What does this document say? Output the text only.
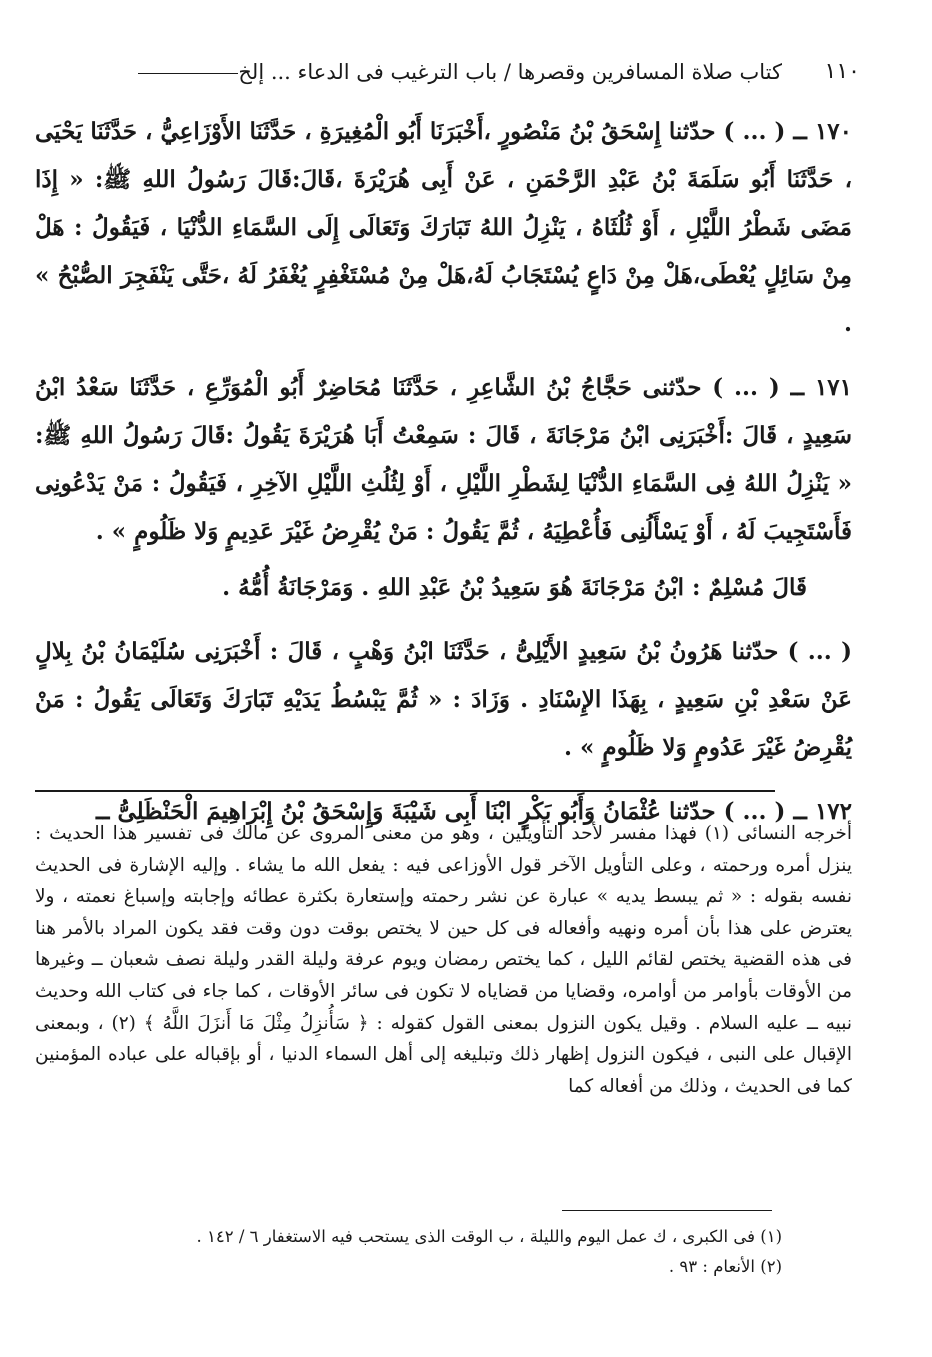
١١٠
كتاب صلاة المسافرين وقصرها / باب الترغيب فى الدعاء ... إلخ

١٧٠ ــ ( ... ) حدّثنا إِسْحَقُ بْنُ مَنْصُورٍ ،أَخْبَرَنَا أَبُو الْمُغِيرَةِ ، حَدَّثَنَا الأَوْزَاعِيُّ ، حَدَّثَنَا يَحْيَى ، حَدَّثَنَا أَبُو سَلَمَةَ بْنُ عَبْدِ الرَّحْمَنِ ، عَنْ أَبِى هُرَيْرَةَ ،قَالَ:قَالَ رَسُولُ اللهِ ﷺ: « إِذَا مَضَى شَطْرُ اللَّيْلِ ، أَوْ ثُلُثَاهُ ، يَنْزِلُ اللهُ تَبَارَكَ وَتَعَالَى إِلَى السَّمَاءِ الدُّنْيَا ، فَيَقُولُ : هَلْ مِنْ سَائِلٍ يُعْطَى،هَلْ مِنْ دَاعٍ يُسْتَجَابُ لَهُ،هَلْ مِنْ مُسْتَغْفِرٍ يُغْفَرُ لَهُ ،حَتَّى يَنْفَجِرَ الصُّبْحُ » .

١٧١ ــ ( ... ) حدّثنى حَجَّاجُ بْنُ الشَّاعِرِ ، حَدَّثَنَا مُحَاضِرٌ أَبُو الْمُوَرِّعِ ، حَدَّثَنَا سَعْدُ ابْنُ سَعِيدٍ ، قَالَ :أَخْبَرَنِى ابْنُ مَرْجَانَةَ ، قَالَ : سَمِعْتُ أَبَا هُرَيْرَةَ يَقُولُ :قَالَ رَسُولُ اللهِ ﷺ: « يَنْزِلُ اللهُ فِى السَّمَاءِ الدُّنْيَا لِشَطْرِ اللَّيْلِ ، أَوْ لِثُلُثِ اللَّيْلِ الآخِرِ ، فَيَقُولُ : مَنْ يَدْعُونِى فَأَسْتَجِيبَ لَهُ ، أَوْ يَسْأَلُنِى فَأُعْطِيَهُ ، ثُمَّ يَقُولُ : مَنْ يُقْرِضُ غَيْرَ عَدِيمٍ وَلا ظَلُومٍ » .

قَالَ مُسْلِمٌ : ابْنُ مَرْجَانَةَ هُوَ سَعِيدُ بْنُ عَبْدِ اللهِ . وَمَرْجَانَةُ أُمُّهُ .

( ... ) حدّثنا هَرُونُ بْنُ سَعِيدٍ الأَيْلِىُّ ، حَدَّثَنَا ابْنُ وَهْبٍ ، قَالَ : أَخْبَرَنِى سُلَيْمَانُ بْنُ بِلالٍ عَنْ سَعْدِ بْنِ سَعِيدٍ ، بِهَذَا الإِسْنَادِ . وَزَادَ : « ثُمَّ يَبْسُطُ يَدَيْهِ تَبَارَكَ وَتَعَالَى يَقُولُ : مَنْ يُقْرِضُ غَيْرَ عَدُومٍ وَلا ظَلُومٍ » .

١٧٢ ــ ( ... ) حدّثنا عُثْمَانُ وَأَبُو بَكْرٍ ابْنَا أَبِى شَيْبَةَ وَإِسْحَقُ بْنُ إِبْرَاهِيمَ الْحَنْظَلِىُّ ــ

أخرجه النسائى (١) فهذا مفسر لأحد التأويلين ، وهو من معنى المروى عن مالك فى تفسير هذا الحديث : ينزل أمره ورحمته ، وعلى التأويل الآخر قول الأوزاعى فيه : يفعل الله ما يشاء . وإليه الإشارة فى الحديث نفسه بقوله : « ثم يبسط يديه » عبارة عن نشر رحمته وإستعارة بكثرة عطائه وإجابته وإسباغ نعمته ، ولا يعترض على هذا بأن أمره ونهيه وأفعاله فى كل حين لا يختص بوقت دون وقت فقد يكون المراد بالأمر هنا فى هذه القضية يختص لقائم الليل ، كما يختص رمضان ويوم عرفة وليلة القدر وليلة نصف شعبان ــ وغيرها من الأوقات بأوامر من أوامره، وقضايا من قضاياه لا تكون فى سائر الأوقات ، كما جاء فى كتاب الله وحديث نبيه ــ عليه السلام . وقيل يكون النزول بمعنى القول كقوله : ﴿ سَأُنزِلُ مِثْلَ مَا أَنزَلَ اللَّهُ ﴾ (٢) ، وبمعنى الإقبال على النبى ، فيكون النزول إظهار ذلك وتبليغه إلى أهل السماء الدنيا ، أو بإقباله على عباده المؤمنين كما فى الحديث ، وذلك من أفعاله كما

(١) فى الكبرى ، ك عمل اليوم والليلة ، ب الوقت الذى يستحب فيه الاستغفار ٦ / ١٤٢ .

(٢) الأنعام : ٩٣ .
